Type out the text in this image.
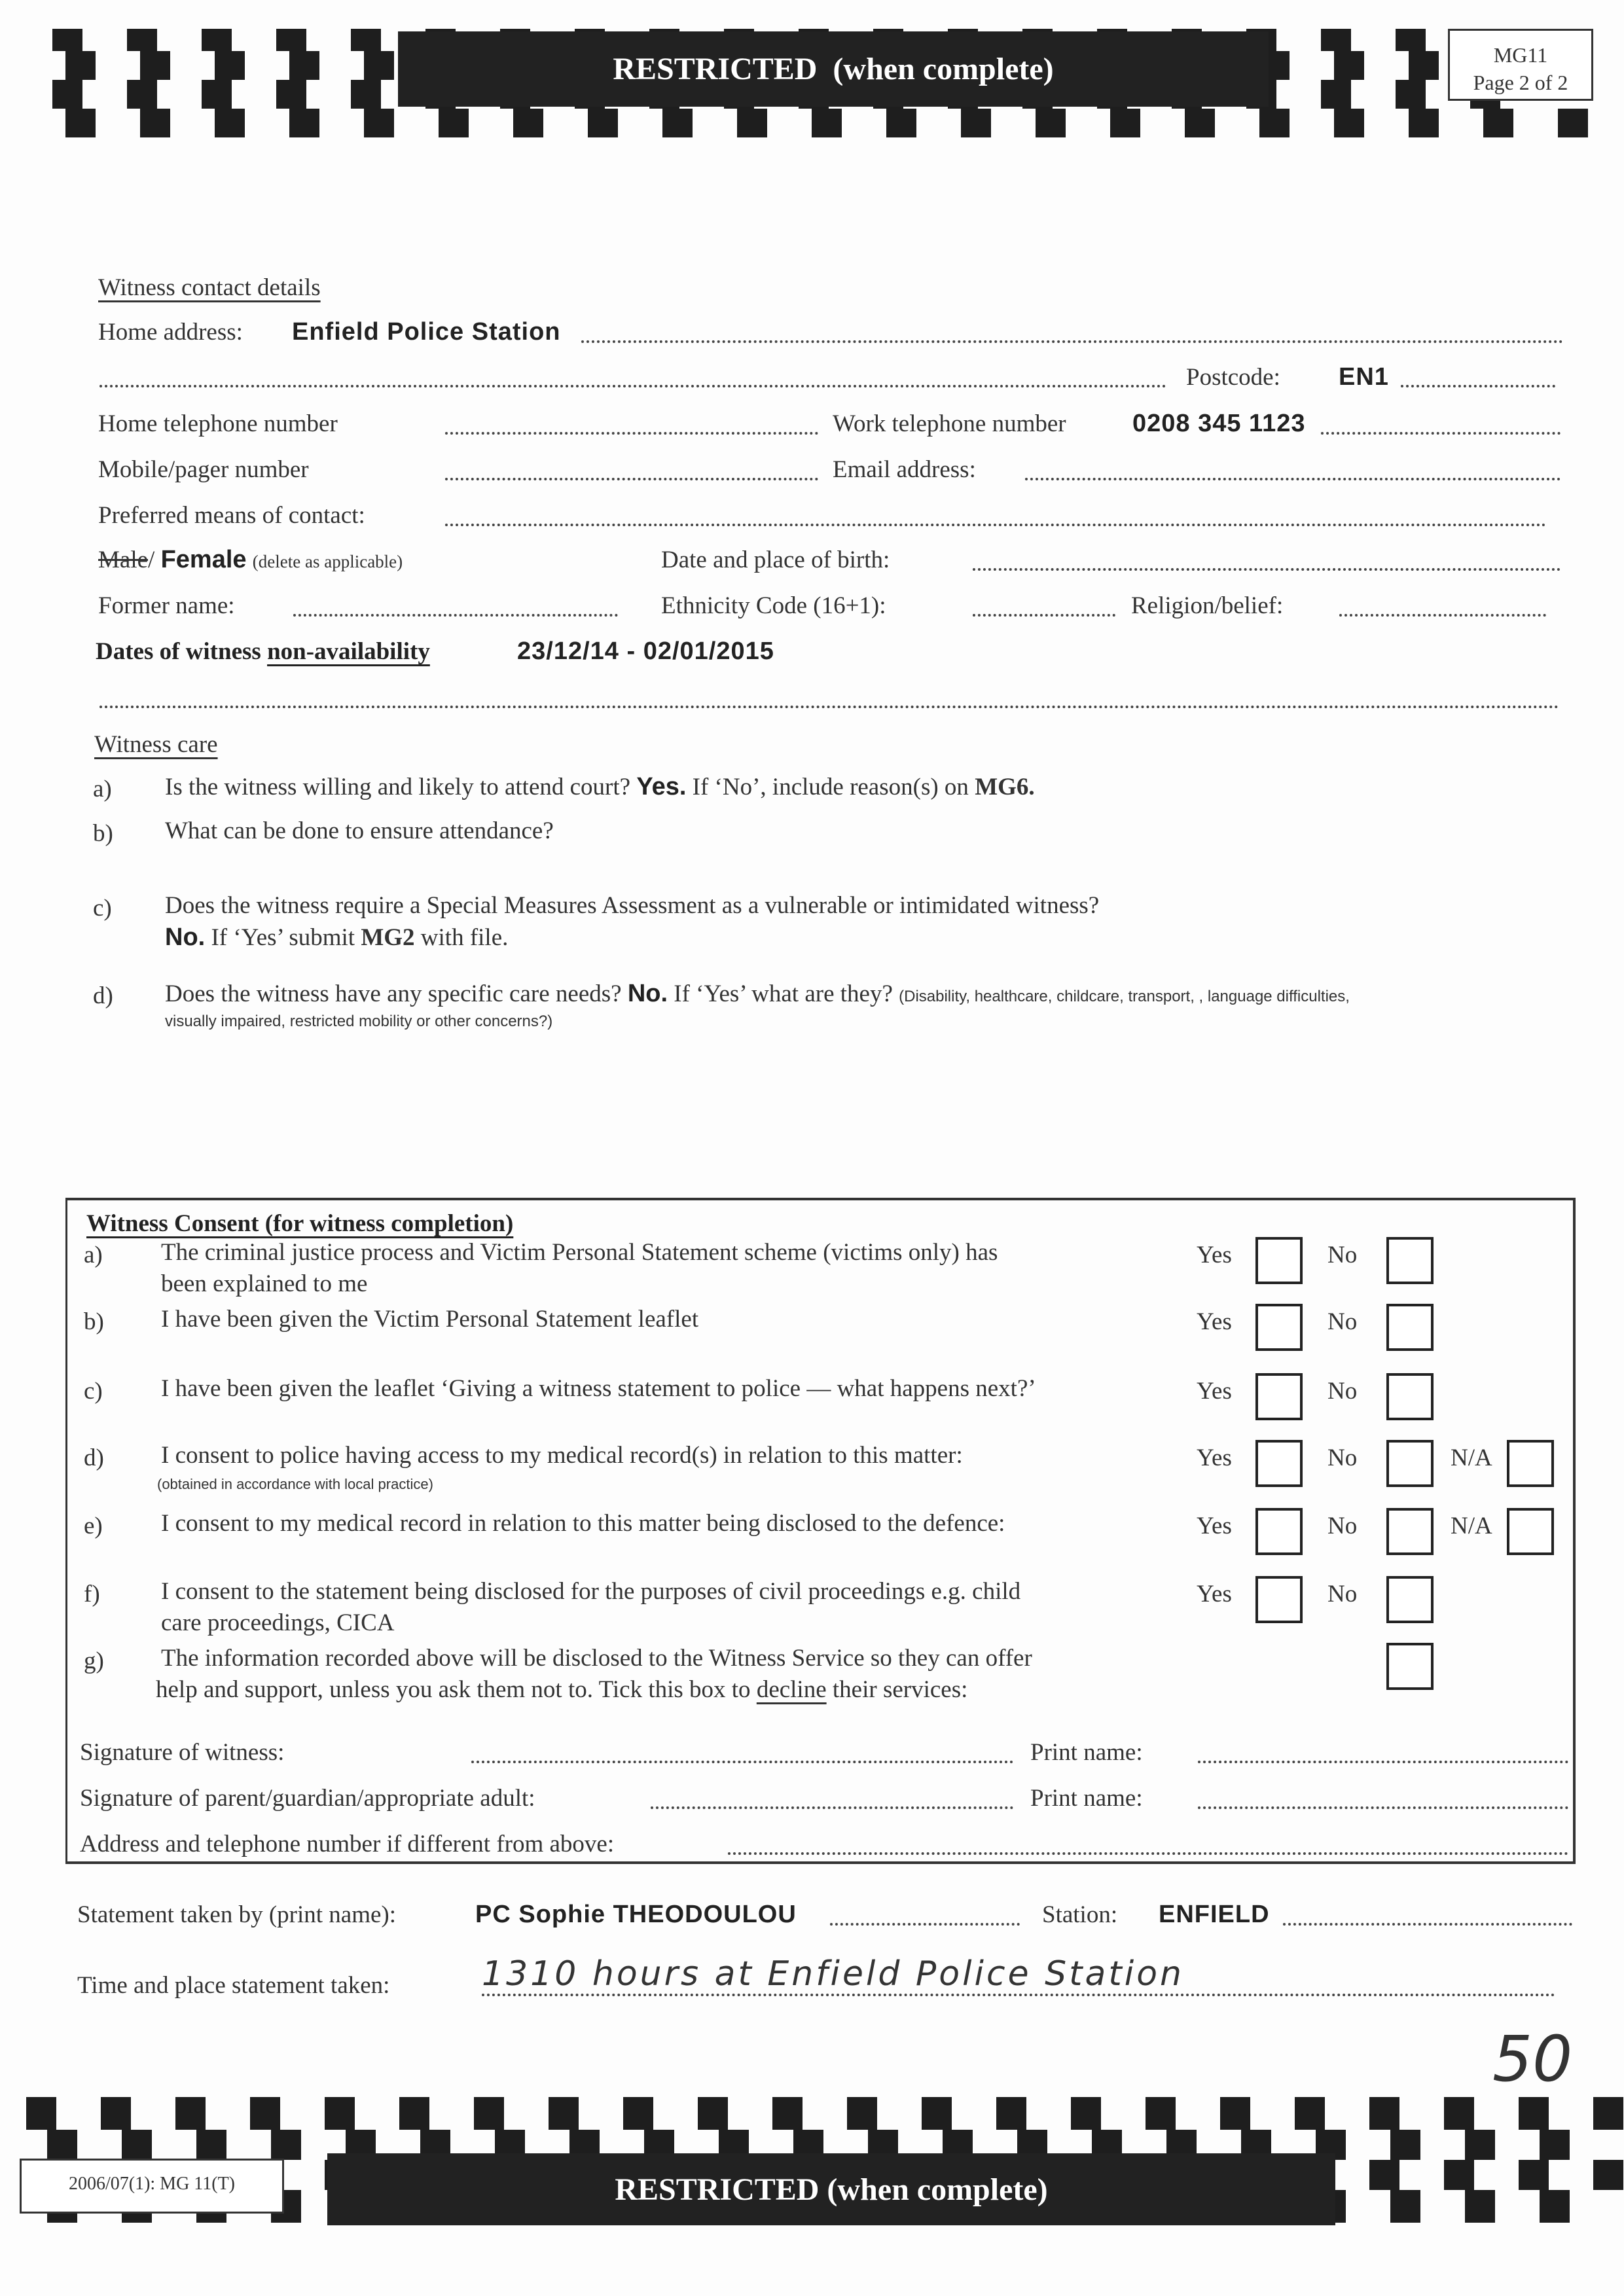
RESTRICTED (when complete)	MG11
Page 2 of 2
Witness contact details
Home address: Enfield Police Station
Postcode: EN1
Home telephone number	Work telephone number	0208 345 1123
Mobile/pager number	Email address:
Preferred means of contact:
Male/ Female (delete as applicable)	Date and place of birth:
Former name:	Ethnicity Code (16+1):	Religion/belief:
Dates of witness non-availability	23/12/14 - 02/01/2015
Witness care
a) Is the witness willing and likely to attend court? Yes. If ‘No’, include reason(s) on MG6.
b) What can be done to ensure attendance?
c) Does the witness require a Special Measures Assessment as a vulnerable or intimidated witness?
No. If ‘Yes’ submit MG2 with file.
d) Does the witness have any specific care needs? No. If ‘Yes’ what are they? (Disability, healthcare, childcare, transport, , language difficulties,
visually impaired, restricted mobility or other concerns?)
Witness Consent (for witness completion)
a) The criminal justice process and Victim Personal Statement scheme (victims only) has
been explained to me
Yes	No
b) I have been given the Victim Personal Statement leaflet	Yes	No
c) I have been given the leaflet ‘Giving a witness statement to police — what happens next?’	Yes	No
d) I consent to police having access to my medical record(s) in relation to this matter:
(obtained in accordance with local practice)
Yes	No	N/A
e) I consent to my medical record in relation to this matter being disclosed to the defence:	Yes	No	N/A
f)	I consent to the statement being disclosed for the purposes of civil proceedings e.g. child
care proceedings, CICA
Yes	No
g) The information recorded above will be disclosed to the Witness Service so they can offer
help and support, unless you ask them not to. Tick this box to decline their services:
Signature of witness:	Print name:
Signature of parent/guardian/appropriate adult:	Print name:
Address and telephone number if different from above:
Statement taken by (print name):	PC Sophie THEODOULOU	Station: ENFIELD
Time and place statement taken:	1310 hours at Enfield Police Station
50
RESTRICTED (when complete)
2006/07(1): MG 11(T)
